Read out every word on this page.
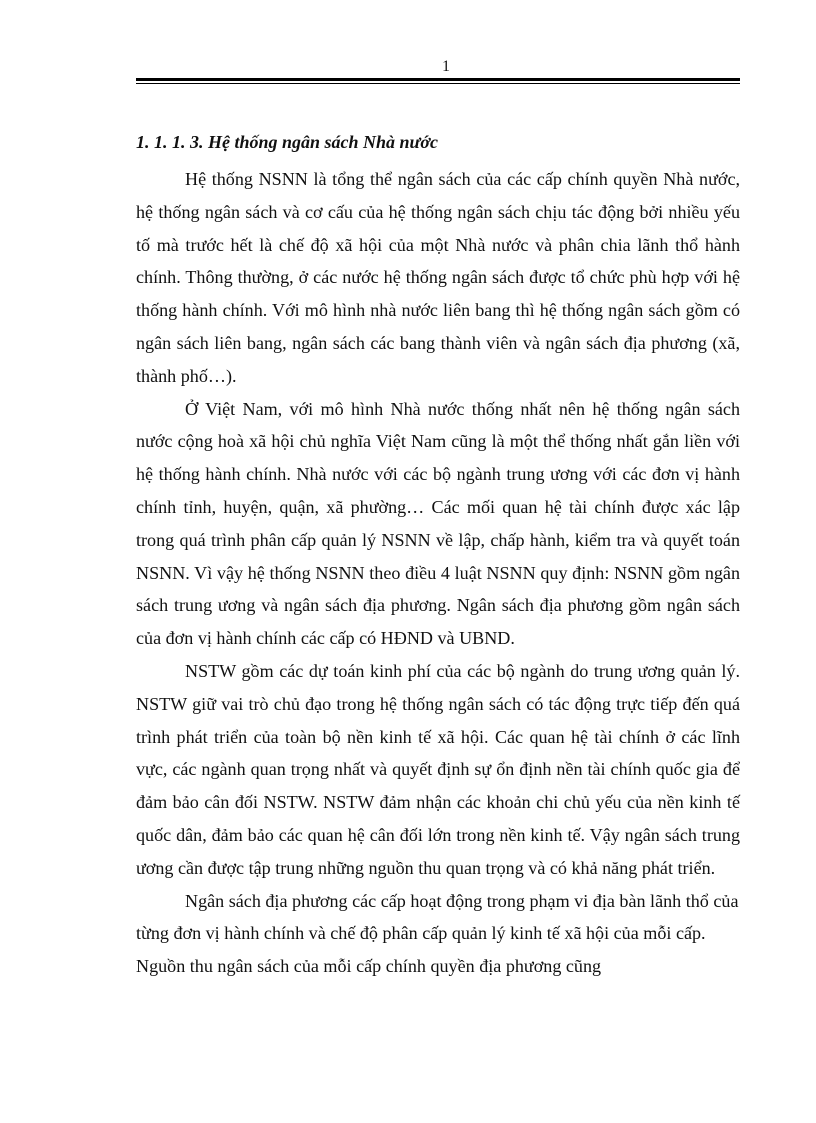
1
1. 1. 1. 3. Hệ thống ngân sách Nhà nước

Hệ thống NSNN là tổng thể ngân sách của các cấp chính quyền Nhà nước, hệ thống ngân sách và cơ cấu của hệ thống ngân sách chịu tác động bởi nhiều yếu tố mà trước hết là chế độ xã hội của một Nhà nước và phân chia lãnh thổ hành chính. Thông thường, ở các nước hệ thống ngân sách được tổ chức phù hợp với hệ thống hành chính. Với mô hình nhà nước liên bang thì hệ thống ngân sách gồm có ngân sách liên bang, ngân sách các bang thành viên và ngân sách địa phương (xã, thành phố…).

Ở Việt Nam, với mô hình Nhà nước thống nhất nên hệ thống ngân sách nước cộng hoà xã hội chủ nghĩa Việt Nam cũng là một thể thống nhất gắn liền với hệ thống hành chính. Nhà nước với các bộ ngành trung ương với các đơn vị hành chính tỉnh, huyện, quận, xã phường… Các mối quan hệ tài chính được xác lập trong quá trình phân cấp quản lý NSNN về lập, chấp hành, kiểm tra và quyết toán NSNN. Vì vậy hệ thống NSNN theo điều 4 luật NSNN quy định: NSNN gồm ngân sách trung ương và ngân sách địa phương. Ngân sách địa phương gồm ngân sách của đơn vị hành chính các cấp có HĐND và UBND.

NSTW gồm các dự toán kinh phí của các bộ ngành do trung ương quản lý. NSTW giữ vai trò chủ đạo trong hệ thống ngân sách có tác động trực tiếp đến quá trình phát triển của toàn bộ nền kinh tế xã hội. Các quan hệ tài chính ở các lĩnh vực, các ngành quan trọng nhất và quyết định sự ổn định nền tài chính quốc gia để đảm bảo cân đối NSTW. NSTW đảm nhận các khoản chi chủ yếu của nền kinh tế quốc dân, đảm bảo các quan hệ cân đối lớn trong nền kinh tế. Vậy ngân sách trung ương cần được tập trung những nguồn thu quan trọng và có khả năng phát triển.

Ngân sách địa phương các cấp hoạt động trong phạm vi địa bàn lãnh thổ của từng đơn vị hành chính và chế độ phân cấp quản lý kinh tế xã hội của mỗi cấp. Nguồn thu ngân sách của mỗi cấp chính quyền địa phương cũng
